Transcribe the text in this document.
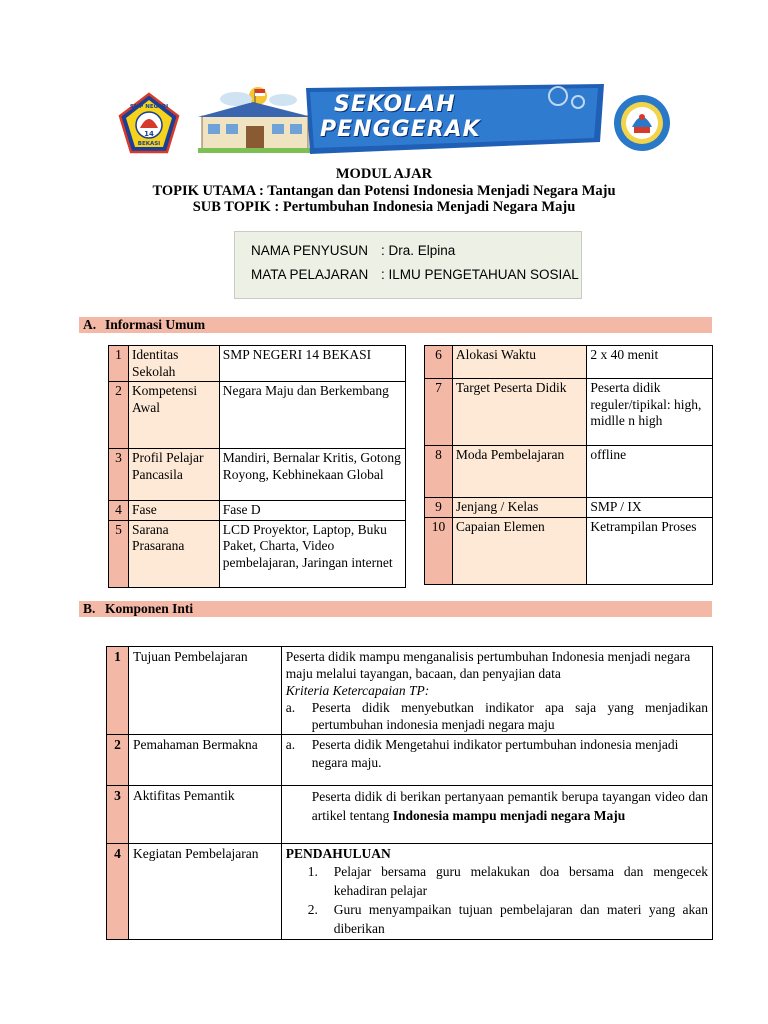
SMP NEGERI
BEKASI
14
SEKOLAH
PENGGERAK
MODUL AJAR
TOPIK UTAMA : Tantangan dan Potensi Indonesia Menjadi Negara Maju
SUB TOPIK : Pertumbuhan Indonesia Menjadi Negara Maju
NAMA PENYUSUN : Dra. Elpina
MATA PELAJARAN : ILMU PENGETAHUAN SOSIAL
A. Informasi Umum
1	Identitas Sekolah	SMP NEGERI 14 BEKASI
2	Kompetensi Awal	Negara Maju dan Berkembang
3	Profil Pelajar Pancasila	Mandiri, Bernalar Kritis, Gotong Royong, Kebhinekaan Global
4	Fase	Fase D
5	Sarana Prasarana	LCD Proyektor, Laptop, Buku Paket, Charta, Video pembelajaran, Jaringan internet
6	Alokasi Waktu	2 x 40 menit
7	Target Peserta Didik	Peserta didik reguler/tipikal: high, midlle n high
8	Moda Pembelajaran	offline
9	Jenjang / Kelas	SMP / IX
10	Capaian Elemen	Ketrampilan Proses
B. Komponen Inti
1	Tujuan Pembelajaran	Peserta didik mampu menganalisis pertumbuhan Indonesia menjadi negara maju melalui tayangan, bacaan, dan penyajian data
Kriteria Ketercapaian TP:
a. Peserta didik menyebutkan indikator apa saja yang menjadikan pertumbuhan indonesia menjadi negara maju

2	Pemahaman Bermakna	a. Peserta didik Mengetahui indikator pertumbuhan indonesia menjadi negara maju.

3	Aktifitas Pemantik	Peserta didik di berikan pertanyaan pemantik berupa tayangan video dan artikel tentang Indonesia mampu menjadi negara Maju

4	Kegiatan Pembelajaran	PENDAHULUAN
1. Pelajar bersama guru melakukan doa bersama dan mengecek kehadiran pelajar
2. Guru menyampaikan tujuan pembelajaran dan materi yang akan diberikan
